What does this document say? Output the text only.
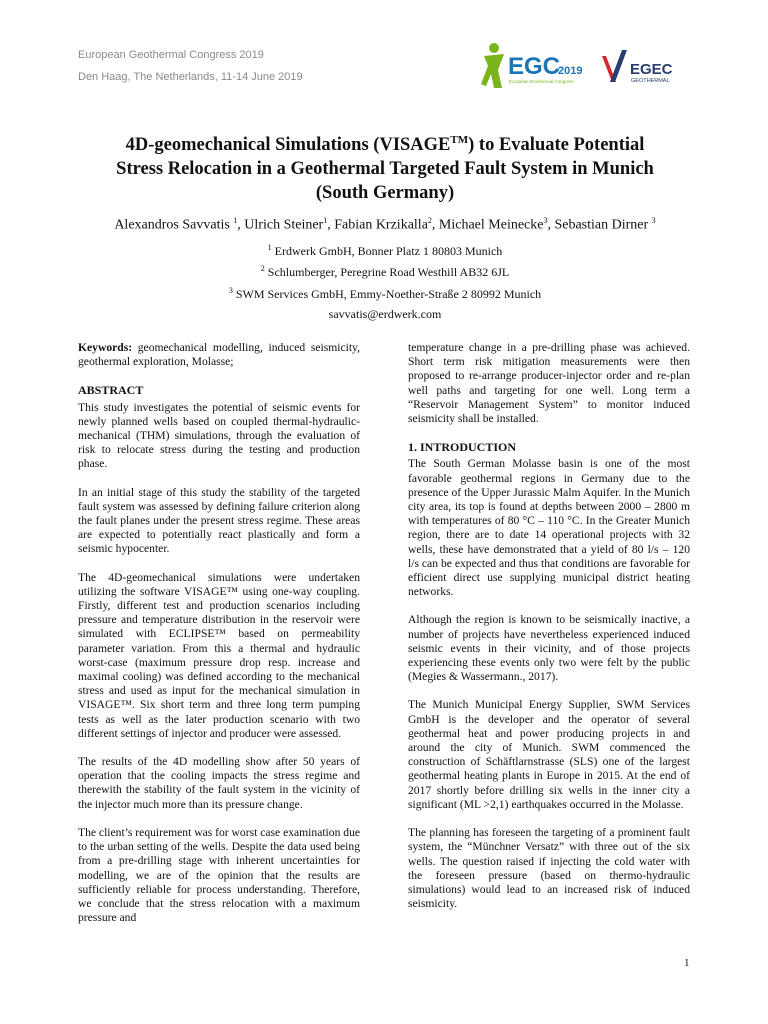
European Geothermal Congress 2019
Den Haag, The Netherlands, 11-14 June 2019	EGC
2019
European Geothermal Congress
EGEC
GEOTHERMAL
4D-geomechanical Simulations (VISAGE™) to Evaluate Potential
Stress Relocation in a Geothermal Targeted Fault System in Munich
(South Germany)
Alexandros Savvatis $^1$, Ulrich Steiner$^1$, Fabian Krzikalla$^2$, Michael Meinecke$^3$, Sebastian Dirner $^3$
$^1$ Erdwerk GmbH, Bonner Platz 1 80803 Munich
$^2$ Schlumberger, Peregrine Road Westhill AB32 6JL
$^3$ SWM Services GmbH, Emmy-Noether-Straße 2 80992 Munich
savvatis@erdwerk.com

Keywords: geomechanical modelling, induced seismicity, geothermal exploration, Molasse;

ABSTRACT

This study investigates the potential of seismic events for newly planned wells based on coupled thermal-hydraulic-mechanical (THM) simulations, through the evaluation of risk to relocate stress during the testing and production phase.

In an initial stage of this study the stability of the targeted fault system was assessed by defining failure criterion along the fault planes under the present stress regime. These areas are expected to potentially react plastically and form a seismic hypocenter.

The 4D-geomechanical simulations were undertaken utilizing the software VISAGE™ using one-way coupling. Firstly, different test and production scenarios including pressure and temperature distribution in the reservoir were simulated with ECLIPSE™ based on permeability parameter variation. From this a thermal and hydraulic worst-case (maximum pressure drop resp. increase and maximal cooling) was defined according to the mechanical stress and used as input for the mechanical simulation in VISAGE™. Six short term and three long term pumping tests as well as the later production scenario with two different settings of injector and producer were assessed.

The results of the 4D modelling show after 50 years of operation that the cooling impacts the stress regime and therewith the stability of the fault system in the vicinity of the injector much more than its pressure change.

The client’s requirement was for worst case examination due to the urban setting of the wells. Despite the data used being from a pre-drilling stage with inherent uncertainties for modelling, we are of the opinion that the results are sufficiently reliable for process understanding. Therefore, we conclude that the stress relocation with a maximum pressure and

temperature change in a pre-drilling phase was achieved. Short term risk mitigation measurements were then proposed to re-arrange producer-injector order and re-plan well paths and targeting for one well. Long term a “Reservoir Management System” to monitor induced seismicity shall be installed.

1. INTRODUCTION

The South German Molasse basin is one of the most favorable geothermal regions in Germany due to the presence of the Upper Jurassic Malm Aquifer. In the Munich city area, its top is found at depths between 2000 – 2800 m with temperatures of 80 °C – 110 °C. In the Greater Munich region, there are to date 14 operational projects with 32 wells, these have demonstrated that a yield of 80 l/s – 120 l/s can be expected and thus that conditions are favorable for efficient direct use supplying municipal district heating networks.

Although the region is known to be seismically inactive, a number of projects have nevertheless experienced induced seismic events in their vicinity, and of those projects experiencing these events only two were felt by the public (Megies & Wassermann., 2017).

The Munich Municipal Energy Supplier, SWM Services GmbH is the developer and the operator of several geothermal heat and power producing projects in and around the city of Munich. SWM commenced the construction of Schäftlarnstrasse (SLS) one of the largest geothermal heating plants in Europe in 2015. At the end of 2017 shortly before drilling six wells in the inner city a significant (ML >2,1) earthquakes occurred in the Molasse.

The planning has foreseen the targeting of a prominent fault system, the “Münchner Versatz” with three out of the six wells. The question raised if injecting the cold water with the foreseen pressure (based on thermo-hydraulic simulations) would lead to an increased risk of induced seismicity.

1
